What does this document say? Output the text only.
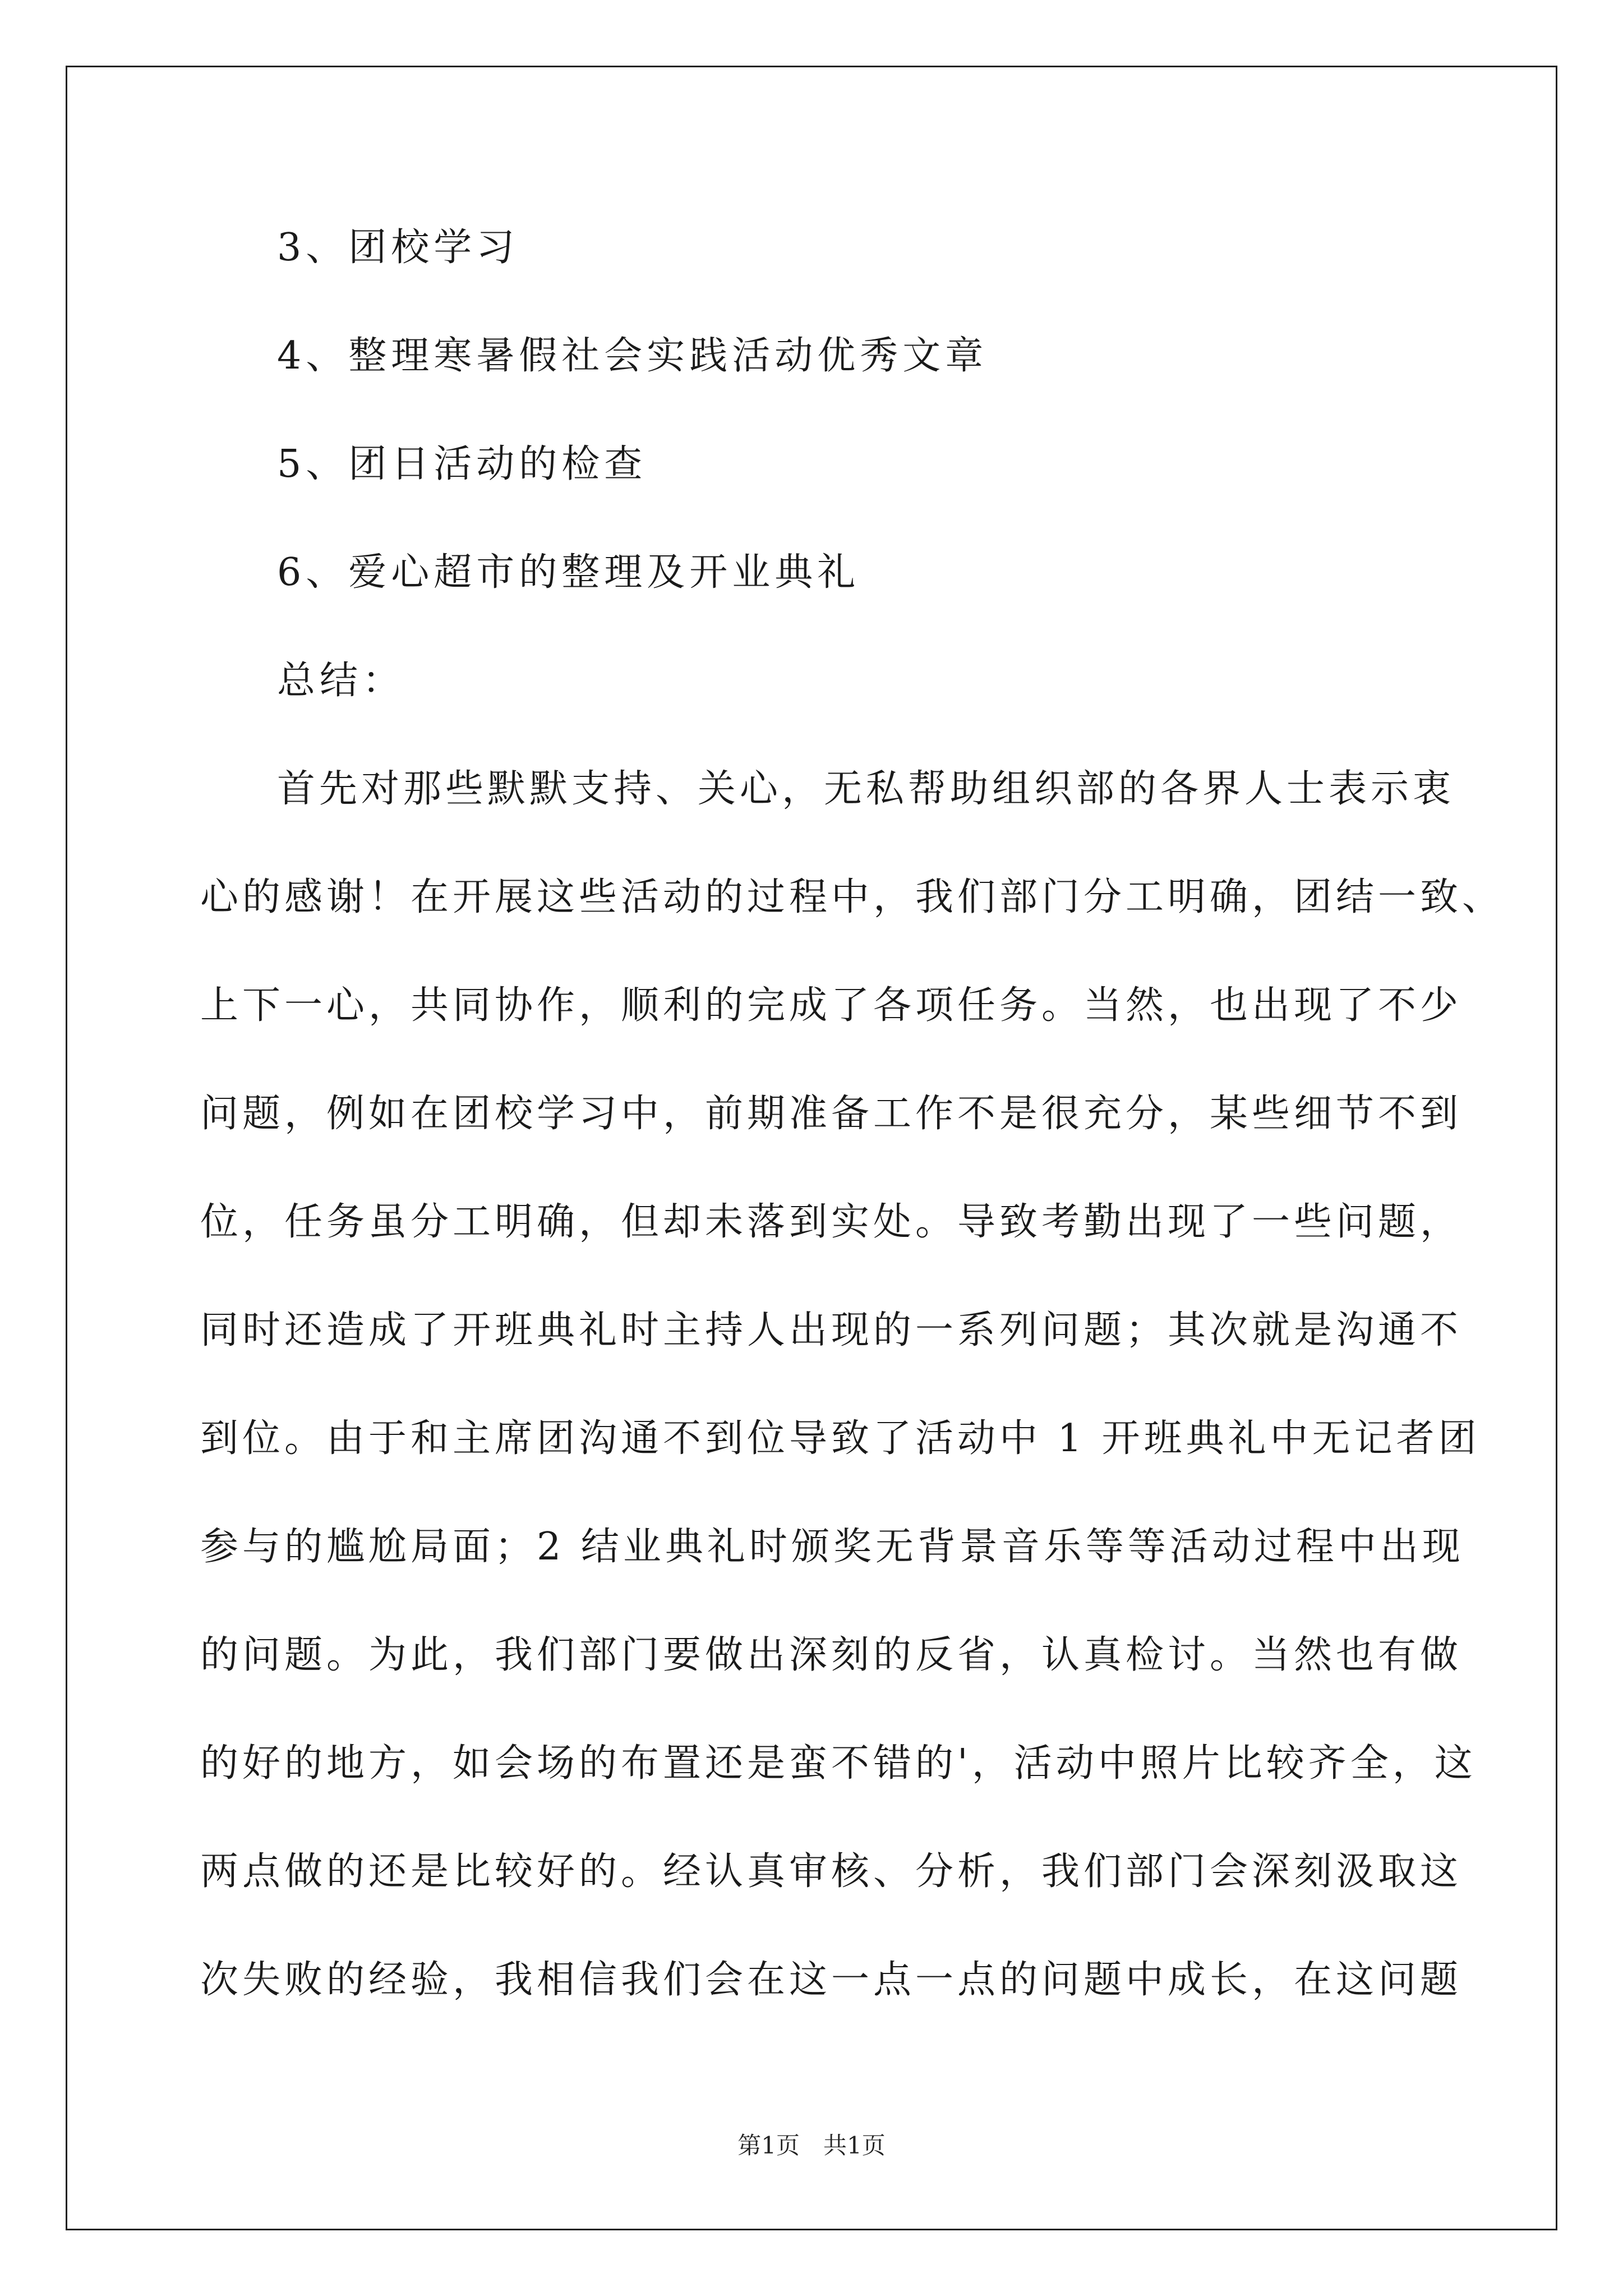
3、团校学习
4、整理寒暑假社会实践活动优秀文章
5、团日活动的检查
6、爱心超市的整理及开业典礼
总结：
首先对那些默默支持、关心，无私帮助组织部的各界人士表示衷
心的感谢！在开展这些活动的过程中，我们部门分工明确，团结一致、
上下一心，共同协作，顺利的完成了各项任务。当然，也出现了不少
问题，例如在团校学习中，前期准备工作不是很充分，某些细节不到
位，任务虽分工明确，但却未落到实处。导致考勤出现了一些问题，
同时还造成了开班典礼时主持人出现的一系列问题；其次就是沟通不
到位。由于和主席团沟通不到位导致了活动中 1 开班典礼中无记者团
参与的尴尬局面；2 结业典礼时颁奖无背景音乐等等活动过程中出现
的问题。为此，我们部门要做出深刻的反省，认真检讨。当然也有做
的好的地方，如会场的布置还是蛮不错的'，活动中照片比较齐全，这
两点做的还是比较好的。经认真审核、分析，我们部门会深刻汲取这
次失败的经验，我相信我们会在这一点一点的问题中成长，在这问题
第1页　共1页
